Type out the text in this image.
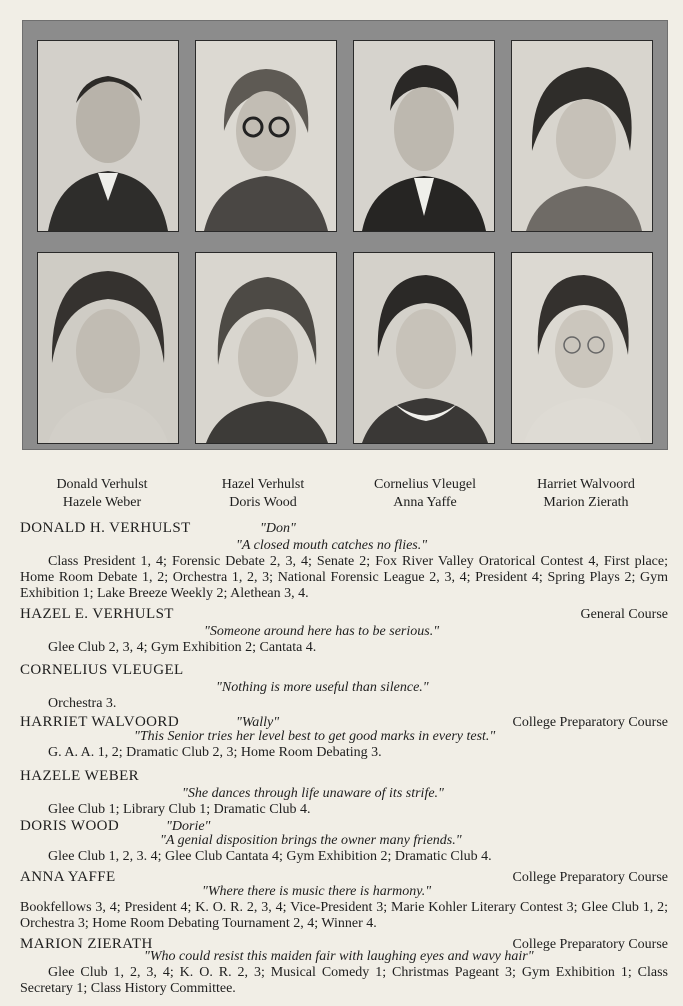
Donald Verhulst
Hazele Weber
Hazel Verhulst
Doris Wood
Cornelius Vleugel
Anna Yaffe
Harriet Walvoord
Marion Zierath
DONALD H. VERHULST	"Don"
"A closed mouth catches no flies."
Class President 1, 4; Forensic Debate 2, 3, 4; Senate 2; Fox River Valley Oratorical Contest 4, First place; Home Room Debate 1, 2; Orchestra 1, 2, 3; National Forensic League 2, 3, 4; President 4; Spring Plays 2; Gym Exhibition 1; Lake Breeze Weekly 2; Alethean 3, 4.
HAZEL E. VERHULST	General Course
"Someone around here has to be serious."
Glee Club 2, 3, 4; Gym Exhibition 2; Cantata 4.
CORNELIUS VLEUGEL
"Nothing is more useful than silence."
Orchestra 3.
HARRIET WALVOORD	"Wally"	College Preparatory Course
"This Senior tries her level best to get good marks in every test."
G. A. A. 1, 2; Dramatic Club 2, 3; Home Room Debating 3.
HAZELE WEBER
"She dances through life unaware of its strife."
Glee Club 1; Library Club 1; Dramatic Club 4.
DORIS WOOD	"Dorie"
"A genial disposition brings the owner many friends."
Glee Club 1, 2, 3. 4; Glee Club Cantata 4; Gym Exhibition 2; Dramatic Club 4.
ANNA YAFFE	College Preparatory Course
"Where there is music there is harmony."
Bookfellows 3, 4; President 4; K. O. R. 2, 3, 4; Vice-President 3; Marie Kohler Literary Contest 3; Glee Club 1, 2; Orchestra 3; Home Room Debating Tournament 2, 4; Winner 4.
MARION ZIERATH	College Preparatory Course
"Who could resist this maiden fair with laughing eyes and wavy hair"
Glee Club 1, 2, 3, 4; K. O. R. 2, 3; Musical Comedy 1; Christmas Pageant 3; Gym Exhibition 1; Class Secretary 1; Class History Committee.
